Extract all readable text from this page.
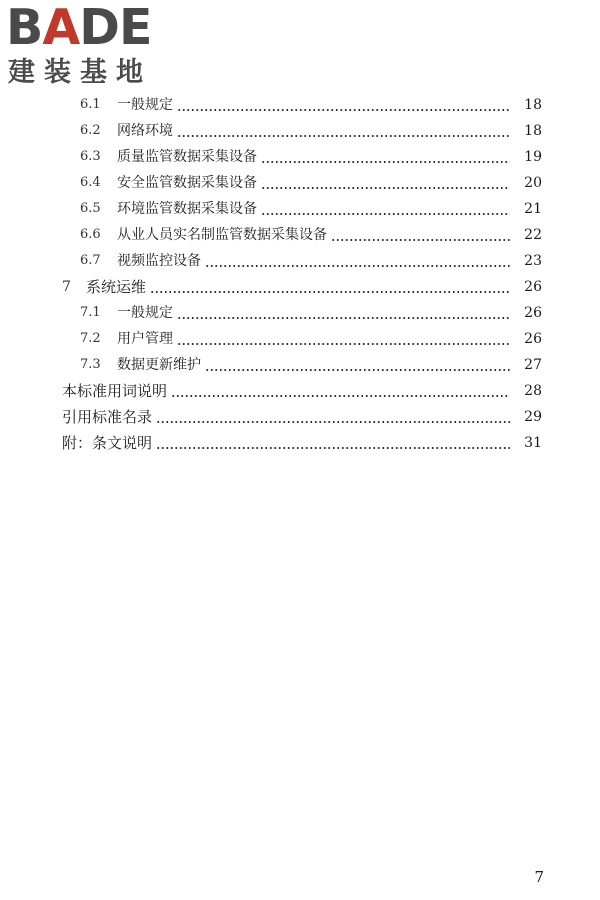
BADE
建装基地
6.1	一般规定	18
6.2	网络环境	18
6.3	质量监管数据采集设备	19
6.4	安全监管数据采集设备	20
6.5	环境监管数据采集设备	21
6.6	从业人员实名制监管数据采集设备	22
6.7	视频监控设备	23
7	系统运维	26
7.1	一般规定	26
7.2	用户管理	26
7.3	数据更新维护	27
本标准用词说明	28
引用标准名录	29
附：条文说明	31
7
